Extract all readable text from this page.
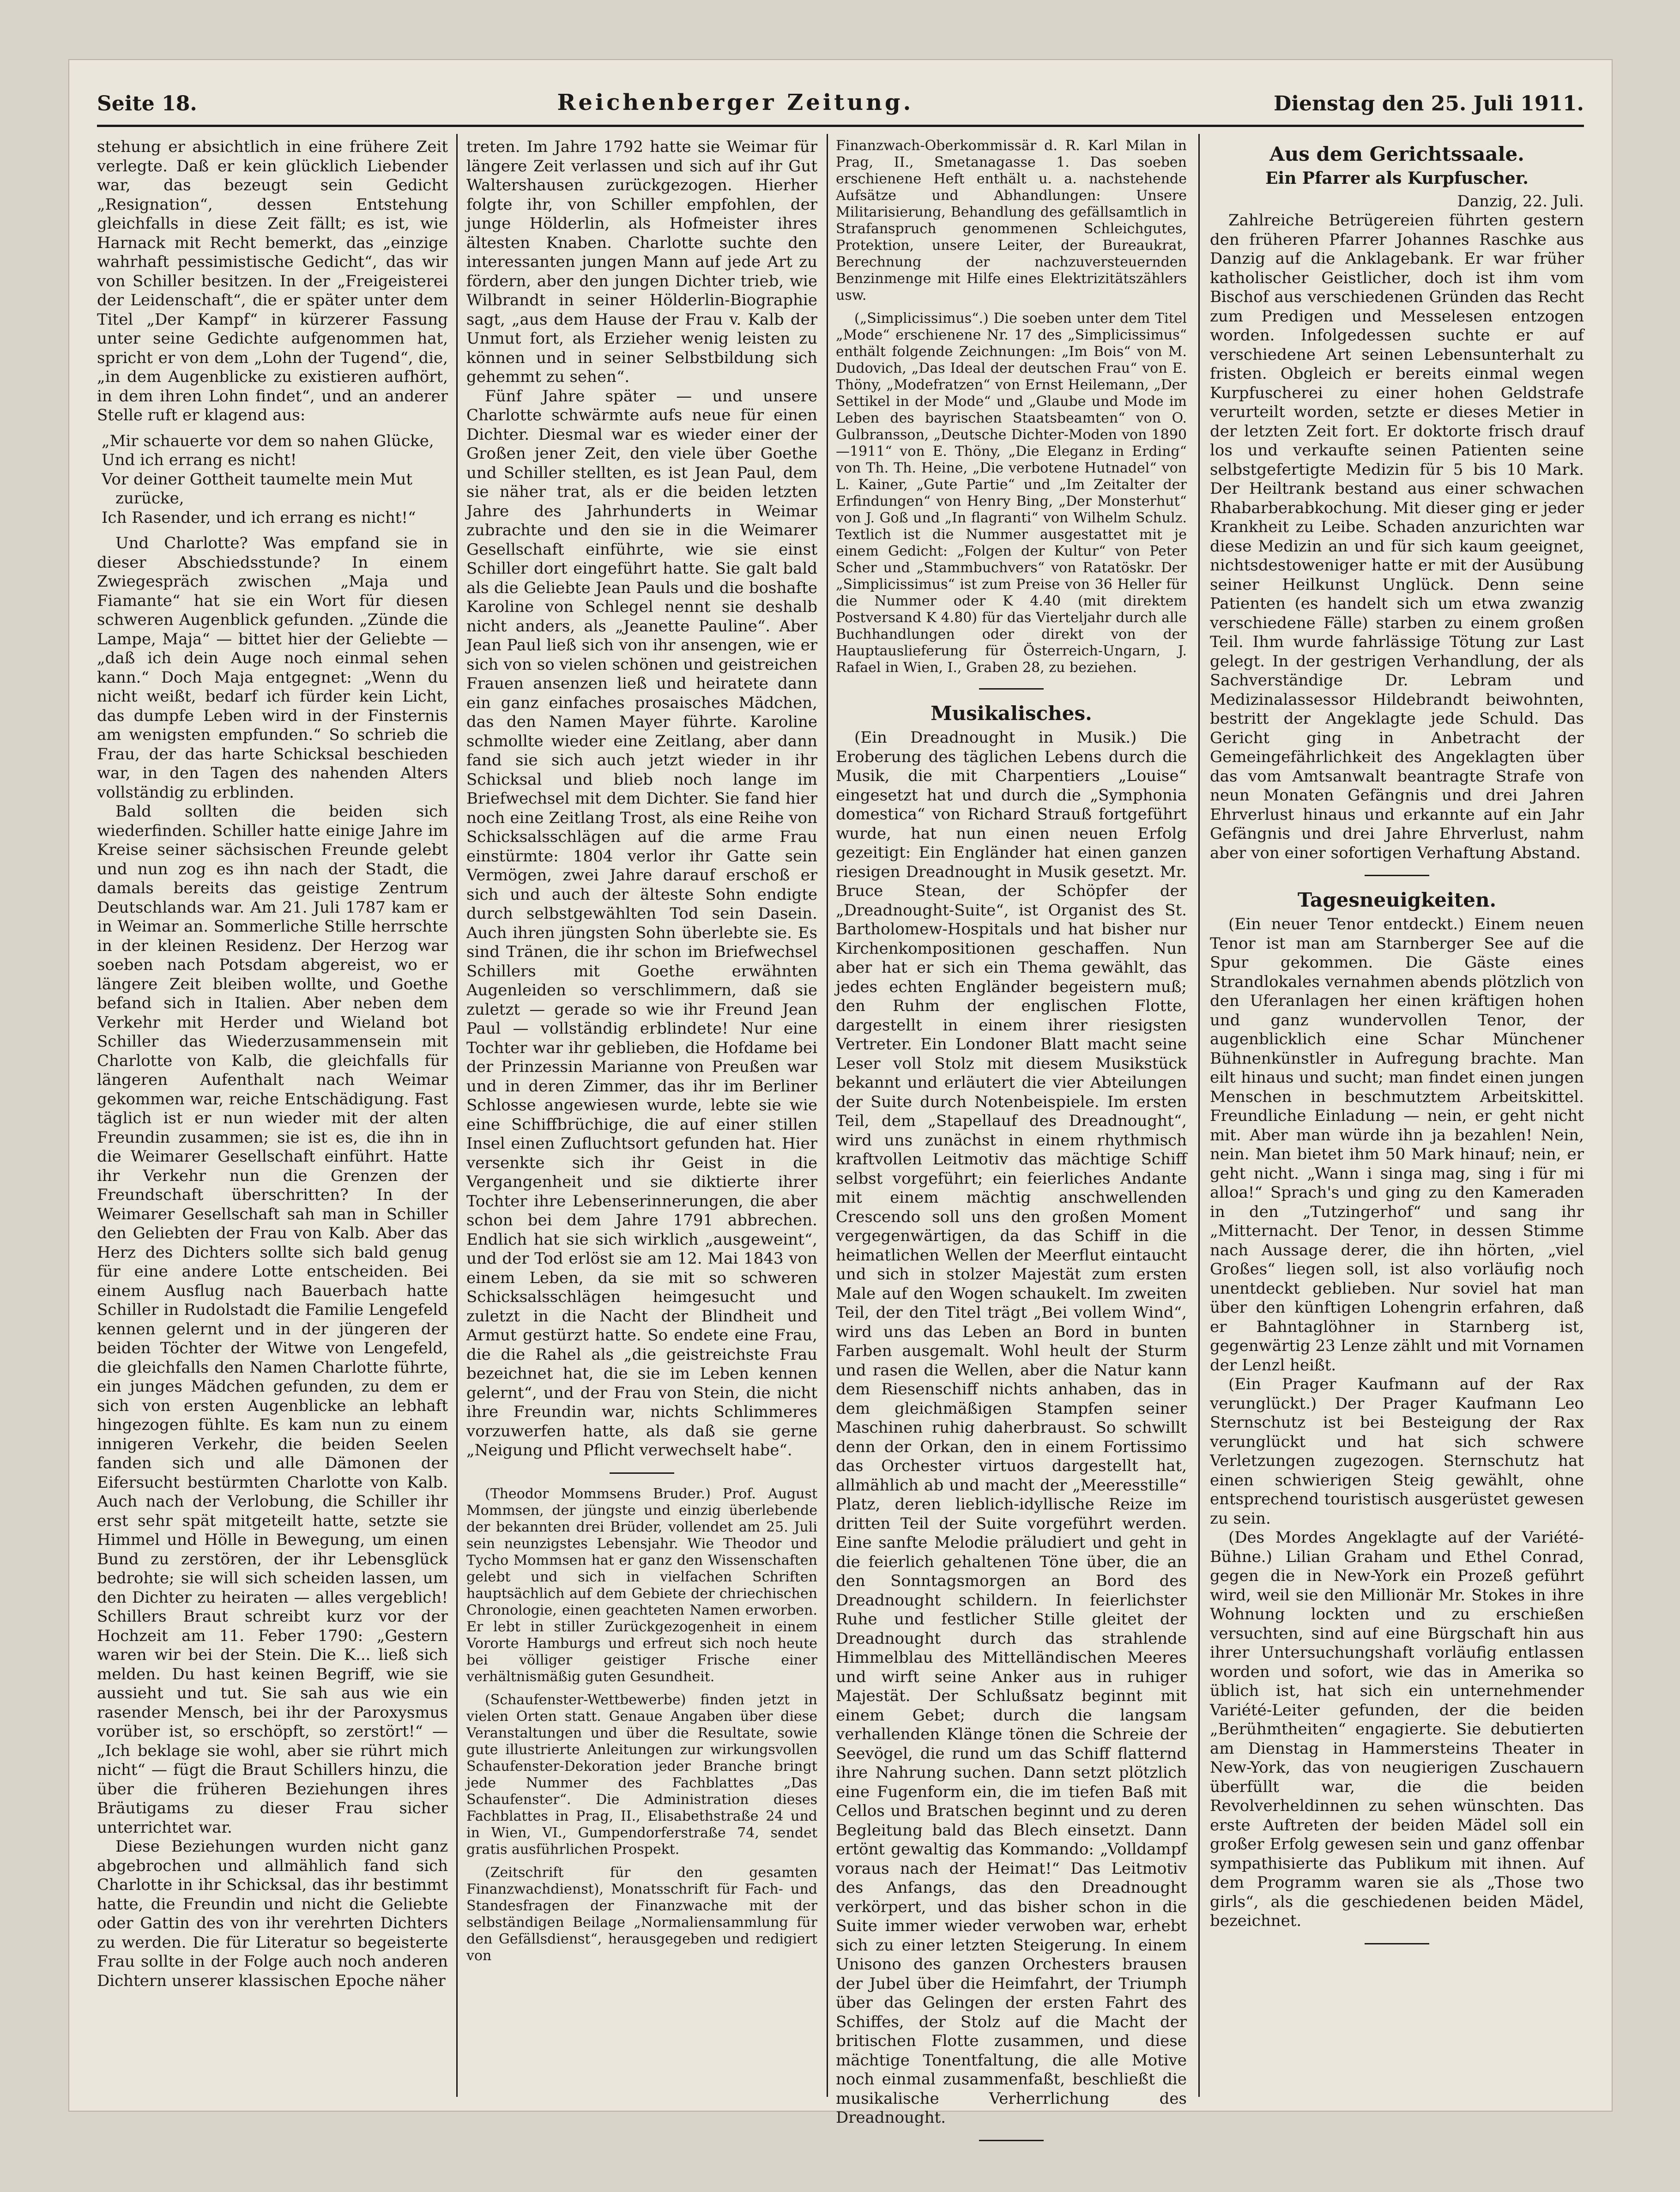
Seite 18.	Reichenberger Zeitung.	Dienstag den 25. Juli 1911.

stehung er absichtlich in eine frühere Zeit verlegte. Daß er kein glücklich Liebender war, das bezeugt sein Gedicht „Resignation“, dessen Entstehung gleichfalls in diese Zeit fällt; es ist, wie Harnack mit Recht bemerkt, das „einzige wahrhaft pessimistische Gedicht“, das wir von Schiller besitzen. In der „Freigeisterei der Leidenschaft“, die er später unter dem Titel „Der Kampf“ in kürzerer Fassung unter seine Gedichte aufgenommen hat, spricht er von dem „Lohn der Tugend“, die, „in dem Augenblicke zu existieren aufhört, in dem ihren Lohn findet“, und an anderer Stelle ruft er klagend aus:

„Mir schauerte vor dem so nahen Glücke,
Und ich errang es nicht!
Vor deiner Gottheit taumelte mein Mut
zurücke,
Ich Rasender, und ich errang es nicht!“

Und Charlotte? Was empfand sie in dieser Abschiedsstunde? In einem Zwiegespräch zwischen „Maja und Fiamante“ hat sie ein Wort für diesen schweren Augenblick gefunden. „Zünde die Lampe, Maja“ — bittet hier der Geliebte — „daß ich dein Auge noch einmal sehen kann.“ Doch Maja entgegnet: „Wenn du nicht weißt, bedarf ich fürder kein Licht, das dumpfe Leben wird in der Finsternis am wenigsten empfunden.“ So schrieb die Frau, der das harte Schicksal beschieden war, in den Tagen des nahenden Alters vollständig zu erblinden.

Bald sollten die beiden sich wiederfinden. Schiller hatte einige Jahre im Kreise seiner sächsischen Freunde gelebt und nun zog es ihn nach der Stadt, die damals bereits das geistige Zentrum Deutschlands war. Am 21. Juli 1787 kam er in Weimar an. Sommerliche Stille herrschte in der kleinen Residenz. Der Herzog war soeben nach Potsdam abgereist, wo er längere Zeit bleiben wollte, und Goethe befand sich in Italien. Aber neben dem Verkehr mit Herder und Wieland bot Schiller das Wiederzusammensein mit Charlotte von Kalb, die gleichfalls für längeren Aufenthalt nach Weimar gekommen war, reiche Entschädigung. Fast täglich ist er nun wieder mit der alten Freundin zusammen; sie ist es, die ihn in die Weimarer Gesellschaft einführt. Hatte ihr Verkehr nun die Grenzen der Freundschaft überschritten? In der Weimarer Gesellschaft sah man in Schiller den Geliebten der Frau von Kalb. Aber das Herz des Dichters sollte sich bald genug für eine andere Lotte entscheiden. Bei einem Ausflug nach Bauerbach hatte Schiller in Rudolstadt die Familie Lengefeld kennen gelernt und in der jüngeren der beiden Töchter der Witwe von Lengefeld, die gleichfalls den Namen Charlotte führte, ein junges Mädchen gefunden, zu dem er sich von ersten Augenblicke an lebhaft hingezogen fühlte. Es kam nun zu einem innigeren Verkehr, die beiden Seelen fanden sich und alle Dämonen der Eifersucht bestürmten Charlotte von Kalb. Auch nach der Verlobung, die Schiller ihr erst sehr spät mitgeteilt hatte, setzte sie Himmel und Hölle in Bewegung, um einen Bund zu zerstören, der ihr Lebensglück bedrohte; sie will sich scheiden lassen, um den Dichter zu heiraten — alles vergeblich! Schillers Braut schreibt kurz vor der Hochzeit am 11. Feber 1790: „Gestern waren wir bei der Stein. Die K... ließ sich melden. Du hast keinen Begriff, wie sie aussieht und tut. Sie sah aus wie ein rasender Mensch, bei ihr der Paroxysmus vorüber ist, so erschöpft, so zerstört!“ — „Ich beklage sie wohl, aber sie rührt mich nicht“ — fügt die Braut Schillers hinzu, die über die früheren Beziehungen ihres Bräutigams zu dieser Frau sicher unterrichtet war.

Diese Beziehungen wurden nicht ganz abgebrochen und allmählich fand sich Charlotte in ihr Schicksal, das ihr bestimmt hatte, die Freundin und nicht die Geliebte oder Gattin des von ihr verehrten Dichters zu werden. Die für Literatur so begeisterte Frau sollte in der Folge auch noch anderen Dichtern unserer klassischen Epoche näher

treten. Im Jahre 1792 hatte sie Weimar für längere Zeit verlassen und sich auf ihr Gut Waltershausen zurückgezogen. Hierher folgte ihr, von Schiller empfohlen, der junge Hölderlin, als Hofmeister ihres ältesten Knaben. Charlotte suchte den interessanten jungen Mann auf jede Art zu fördern, aber den jungen Dichter trieb, wie Wilbrandt in seiner Hölderlin-Biographie sagt, „aus dem Hause der Frau v. Kalb der Unmut fort, als Erzieher wenig leisten zu können und in seiner Selbstbildung sich gehemmt zu sehen“.

Fünf Jahre später — und unsere Charlotte schwärmte aufs neue für einen Dichter. Diesmal war es wieder einer der Großen jener Zeit, den viele über Goethe und Schiller stellten, es ist Jean Paul, dem sie näher trat, als er die beiden letzten Jahre des Jahrhunderts in Weimar zubrachte und den sie in die Weimarer Gesellschaft einführte, wie sie einst Schiller dort eingeführt hatte. Sie galt bald als die Geliebte Jean Pauls und die boshafte Karoline von Schlegel nennt sie deshalb nicht anders, als „Jeanette Pauline“. Aber Jean Paul ließ sich von ihr ansengen, wie er sich von so vielen schönen und geistreichen Frauen ansenzen ließ und heiratete dann ein ganz einfaches prosaisches Mädchen, das den Namen Mayer führte. Karoline schmollte wieder eine Zeitlang, aber dann fand sie sich auch jetzt wieder in ihr Schicksal und blieb noch lange im Briefwechsel mit dem Dichter. Sie fand hier noch eine Zeitlang Trost, als eine Reihe von Schicksalsschlägen auf die arme Frau einstürmte: 1804 verlor ihr Gatte sein Vermögen, zwei Jahre darauf erschoß er sich und auch der älteste Sohn endigte durch selbstgewählten Tod sein Dasein. Auch ihren jüngsten Sohn überlebte sie. Es sind Tränen, die ihr schon im Briefwechsel Schillers mit Goethe erwähnten Augenleiden so verschlimmern, daß sie zuletzt — gerade so wie ihr Freund Jean Paul — vollständig erblindete! Nur eine Tochter war ihr geblieben, die Hofdame bei der Prinzessin Marianne von Preußen war und in deren Zimmer, das ihr im Berliner Schlosse angewiesen wurde, lebte sie wie eine Schiffbrüchige, die auf einer stillen Insel einen Zufluchtsort gefunden hat. Hier versenkte sich ihr Geist in die Vergangenheit und sie diktierte ihrer Tochter ihre Lebenserinnerungen, die aber schon bei dem Jahre 1791 abbrechen. Endlich hat sie sich wirklich „ausgeweint“, und der Tod erlöst sie am 12. Mai 1843 von einem Leben, da sie mit so schweren Schicksalsschlägen heimgesucht und zuletzt in die Nacht der Blindheit und Armut gestürzt hatte. So endete eine Frau, die die Rahel als „die geistreichste Frau bezeichnet hat, die sie im Leben kennen gelernt“, und der Frau von Stein, die nicht ihre Freundin war, nichts Schlimmeres vorzuwerfen hatte, als daß sie gerne „Neigung und Pflicht verwechselt habe“.

(Theodor Mommsens Bruder.) Prof. August Mommsen, der jüngste und einzig überlebende der bekannten drei Brüder, vollendet am 25. Juli sein neunzigstes Lebensjahr. Wie Theodor und Tycho Mommsen hat er ganz den Wissenschaften gelebt und sich in vielfachen Schriften hauptsächlich auf dem Gebiete der chriechischen Chronologie, einen geachteten Namen erworben. Er lebt in stiller Zurückgezogenheit in einem Vororte Hamburgs und erfreut sich noch heute bei völliger geistiger Frische einer verhältnismäßig guten Gesundheit.

(Schaufenster-Wettbewerbe) finden jetzt in vielen Orten statt. Genaue Angaben über diese Veranstaltungen und über die Resultate, sowie gute illustrierte Anleitungen zur wirkungsvollen Schaufenster-Dekoration jeder Branche bringt jede Nummer des Fachblattes „Das Schaufenster“. Die Administration dieses Fachblattes in Prag, II., Elisabethstraße 24 und in Wien, VI., Gumpendorferstraße 74, sendet gratis ausführlichen Prospekt.

(Zeitschrift für den gesamten Finanzwachdienst), Monatsschrift für Fach- und Standesfragen der Finanzwache mit der selbständigen Beilage „Normaliensammlung für den Gefällsdienst“, herausgegeben und redigiert von

Finanzwach-Oberkommissär d. R. Karl Milan in Prag, II., Smetanagasse 1. Das soeben erschienene Heft enthält u. a. nachstehende Aufsätze und Abhandlungen: Unsere Militarisierung, Behandlung des gefällsamtlich in Strafanspruch genommenen Schleichgutes, Protektion, unsere Leiter, der Bureaukrat, Berechnung der nachzuversteuernden Benzinmenge mit Hilfe eines Elektrizitätszählers usw.

(„Simplicissimus“.) Die soeben unter dem Titel „Mode“ erschienene Nr. 17 des „Simplicissimus“ enthält folgende Zeichnungen: „Im Bois“ von M. Dudovich, „Das Ideal der deutschen Frau“ von E. Thöny, „Modefratzen“ von Ernst Heilemann, „Der Settikel in der Mode“ und „Glaube und Mode im Leben des bayrischen Staatsbeamten“ von O. Gulbransson, „Deutsche Dichter-Moden von 1890—1911“ von E. Thöny, „Die Eleganz in Erding“ von Th. Th. Heine, „Die verbotene Hutnadel“ von L. Kainer, „Gute Partie“ und „Im Zeitalter der Erfindungen“ von Henry Bing, „Der Monsterhut“ von J. Goß und „In flagranti“ von Wilhelm Schulz. Textlich ist die Nummer ausgestattet mit je einem Gedicht: „Folgen der Kultur“ von Peter Scher und „Stammbuchvers“ von Ratatöskr. Der „Simplicissimus“ ist zum Preise von 36 Heller für die Nummer oder K 4.40 (mit direktem Postversand K 4.80) für das Vierteljahr durch alle Buchhandlungen oder direkt von der Hauptauslieferung für Österreich-Ungarn, J. Rafael in Wien, I., Graben 28, zu beziehen.

Musikalisches.

(Ein Dreadnought in Musik.) Die Eroberung des täglichen Lebens durch die Musik, die mit Charpentiers „Louise“ eingesetzt hat und durch die „Symphonia domestica“ von Richard Strauß fortgeführt wurde, hat nun einen neuen Erfolg gezeitigt: Ein Engländer hat einen ganzen riesigen Dreadnought in Musik gesetzt. Mr. Bruce Stean, der Schöpfer der „Dreadnought-Suite“, ist Organist des St. Bartholomew-Hospitals und hat bisher nur Kirchenkompositionen geschaffen. Nun aber hat er sich ein Thema gewählt, das jedes echten Engländer begeistern muß; den Ruhm der englischen Flotte, dargestellt in einem ihrer riesigsten Vertreter. Ein Londoner Blatt macht seine Leser voll Stolz mit diesem Musikstück bekannt und erläutert die vier Abteilungen der Suite durch Notenbeispiele. Im ersten Teil, dem „Stapellauf des Dreadnought“, wird uns zunächst in einem rhythmisch kraftvollen Leitmotiv das mächtige Schiff selbst vorgeführt; ein feierliches Andante mit einem mächtig anschwellenden Crescendo soll uns den großen Moment vergegenwärtigen, da das Schiff in die heimatlichen Wellen der Meerflut eintaucht und sich in stolzer Majestät zum ersten Male auf den Wogen schaukelt. Im zweiten Teil, der den Titel trägt „Bei vollem Wind“, wird uns das Leben an Bord in bunten Farben ausgemalt. Wohl heult der Sturm und rasen die Wellen, aber die Natur kann dem Riesenschiff nichts anhaben, das in dem gleichmäßigen Stampfen seiner Maschinen ruhig daherbraust. So schwillt denn der Orkan, den in einem Fortissimo das Orchester virtuos dargestellt hat, allmählich ab und macht der „Meeresstille“ Platz, deren lieblich-idyllische Reize im dritten Teil der Suite vorgeführt werden. Eine sanfte Melodie präludiert und geht in die feierlich gehaltenen Töne über, die an den Sonntagsmorgen an Bord des Dreadnought schildern. In feierlichster Ruhe und festlicher Stille gleitet der Dreadnought durch das strahlende Himmelblau des Mittelländischen Meeres und wirft seine Anker aus in ruhiger Majestät. Der Schlußsatz beginnt mit einem Gebet; durch die langsam verhallenden Klänge tönen die Schreie der Seevögel, die rund um das Schiff flatternd ihre Nahrung suchen. Dann setzt plötzlich eine Fugenform ein, die im tiefen Baß mit Cellos und Bratschen beginnt und zu deren Begleitung bald das Blech einsetzt. Dann ertönt gewaltig das Kommando: „Volldampf voraus nach der Heimat!“ Das Leitmotiv des Anfangs, das den Dreadnought verkörpert, und das bisher schon in die Suite immer wieder verwoben war, erhebt sich zu einer letzten Steigerung. In einem Unisono des ganzen Orchesters brausen der Jubel über die Heimfahrt, der Triumph über das Gelingen der ersten Fahrt des Schiffes, der Stolz auf die Macht der britischen Flotte zusammen, und diese mächtige Tonentfaltung, die alle Motive noch einmal zusammenfaßt, beschließt die musikalische Verherrlichung des Dreadnought.

Aus dem Gerichtssaale.
Ein Pfarrer als Kurpfuscher.

Danzig, 22. Juli.

Zahlreiche Betrügereien führten gestern den früheren Pfarrer Johannes Raschke aus Danzig auf die Anklagebank. Er war früher katholischer Geistlicher, doch ist ihm vom Bischof aus verschiedenen Gründen das Recht zum Predigen und Messelesen entzogen worden. Infolgedessen suchte er auf verschiedene Art seinen Lebensunterhalt zu fristen. Obgleich er bereits einmal wegen Kurpfuscherei zu einer hohen Geldstrafe verurteilt worden, setzte er dieses Metier in der letzten Zeit fort. Er doktorte frisch drauf los und verkaufte seinen Patienten seine selbstgefertigte Medizin für 5 bis 10 Mark. Der Heiltrank bestand aus einer schwachen Rhabarberabkochung. Mit dieser ging er jeder Krankheit zu Leibe. Schaden anzurichten war diese Medizin an und für sich kaum geeignet, nichtsdestoweniger hatte er mit der Ausübung seiner Heilkunst Unglück. Denn seine Patienten (es handelt sich um etwa zwanzig verschiedene Fälle) starben zu einem großen Teil. Ihm wurde fahrlässige Tötung zur Last gelegt. In der gestrigen Verhandlung, der als Sachverständige Dr. Lebram und Medizinalassessor Hildebrandt beiwohnten, bestritt der Angeklagte jede Schuld. Das Gericht ging in Anbetracht der Gemeingefährlichkeit des Angeklagten über das vom Amtsanwalt beantragte Strafe von neun Monaten Gefängnis und drei Jahren Ehrverlust hinaus und erkannte auf ein Jahr Gefängnis und drei Jahre Ehrverlust, nahm aber von einer sofortigen Verhaftung Abstand.

Tagesneuigkeiten.

(Ein neuer Tenor entdeckt.) Einem neuen Tenor ist man am Starnberger See auf die Spur gekommen. Die Gäste eines Strandlokales vernahmen abends plötzlich von den Uferanlagen her einen kräftigen hohen und ganz wundervollen Tenor, der augenblicklich eine Schar Münchener Bühnenkünstler in Aufregung brachte. Man eilt hinaus und sucht; man findet einen jungen Menschen in beschmutztem Arbeitskittel. Freundliche Einladung — nein, er geht nicht mit. Aber man würde ihn ja bezahlen! Nein, nein. Man bietet ihm 50 Mark hinauf; nein, er geht nicht. „Wann i singa mag, sing i für mi alloa!“ Sprach's und ging zu den Kameraden in den „Tutzingerhof“ und sang ihr „Mitternacht. Der Tenor, in dessen Stimme nach Aussage derer, die ihn hörten, „viel Großes“ liegen soll, ist also vorläufig noch unentdeckt geblieben. Nur soviel hat man über den künftigen Lohengrin erfahren, daß er Bahntaglöhner in Starnberg ist, gegenwärtig 23 Lenze zählt und mit Vornamen der Lenzl heißt.

(Ein Prager Kaufmann auf der Rax verunglückt.) Der Prager Kaufmann Leo Sternschutz ist bei Besteigung der Rax verunglückt und hat sich schwere Verletzungen zugezogen. Sternschutz hat einen schwierigen Steig gewählt, ohne entsprechend touristisch ausgerüstet gewesen zu sein.

(Des Mordes Angeklagte auf der Variété-Bühne.) Lilian Graham und Ethel Conrad, gegen die in New-York ein Prozeß geführt wird, weil sie den Millionär Mr. Stokes in ihre Wohnung lockten und zu erschießen versuchten, sind auf eine Bürgschaft hin aus ihrer Untersuchungshaft vorläufig entlassen worden und sofort, wie das in Amerika so üblich ist, hat sich ein unternehmender Variété-Leiter gefunden, der die beiden „Berühmtheiten“ engagierte. Sie debutierten am Dienstag in Hammersteins Theater in New-York, das von neugierigen Zuschauern überfüllt war, die die beiden Revolverheldinnen zu sehen wünschten. Das erste Auftreten der beiden Mädel soll ein großer Erfolg gewesen sein und ganz offenbar sympathisierte das Publikum mit ihnen. Auf dem Programm waren sie als „Those two girls“, als die geschiedenen beiden Mädel, bezeichnet.
